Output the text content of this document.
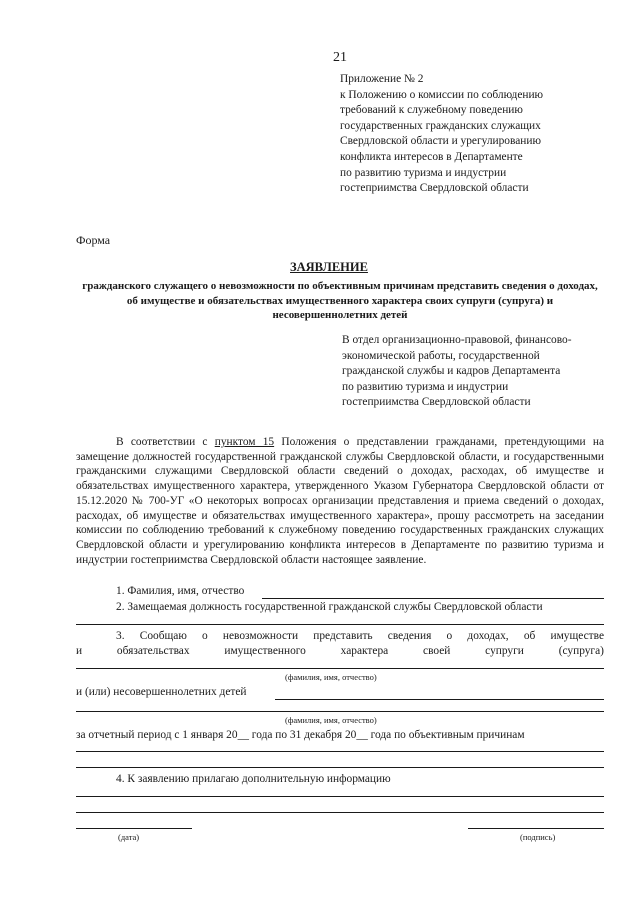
21
Приложение № 2
к Положению о комиссии по соблюдению
требований к служебному поведению
государственных гражданских служащих
Свердловской области и урегулированию
конфликта интересов в Департаменте
по развитию туризма и индустрии
гостеприимства Свердловской области
Форма
ЗАЯВЛЕНИЕ
гражданского служащего о невозможности по объективным причинам представить сведения о доходах, об имуществе и обязательствах имущественного характера своих супруги (супруга) и несовершеннолетних детей
В отдел организационно-правовой, финансово-
экономической работы, государственной
гражданской службы и кадров Департамента
по развитию туризма и индустрии
гостеприимства Свердловской области

В соответствии с пунктом 15 Положения о представлении гражданами, претендующими на замещение должностей государственной гражданской службы Свердловской области, и государственными гражданскими служащими Свердловской области сведений о доходах, расходах, об имуществе и обязательствах имущественного характера, утвержденного Указом Губернатора Свердловской области от 15.12.2020 № 700-УГ «О некоторых вопросах организации представления и приема сведений о доходах, расходах, об имуществе и обязательствах имущественного характера», прошу рассмотреть на заседании комиссии по соблюдению требований к служебному поведению государственных гражданских служащих Свердловской области и урегулированию конфликта интересов в Департаменте по развитию туризма и индустрии гостеприимства Свердловской области настоящее заявление.

1. Фамилия, имя, отчество
2. Замещаемая должность государственной гражданской службы Свердловской области
3. Сообщаю о невозможности представить сведения о доходах, об имуществе
и	обязательствах	имущественного	характера	своей	супруги	(супруга)
(фамилия, имя, отчество)
и (или) несовершеннолетних детей
(фамилия, имя, отчество)
за отчетный период с 1 января 20__ года по 31 декабря 20__ года по объективным причинам
4. К заявлению прилагаю дополнительную информацию
(дата)	(подпись)
